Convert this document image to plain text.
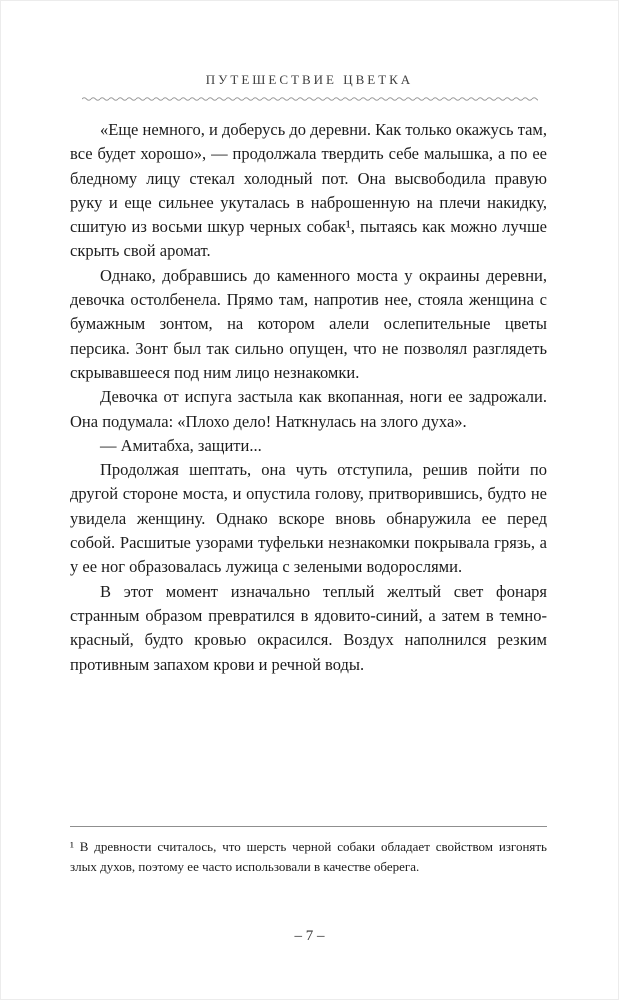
ПУТЕШЕСТВИЕ ЦВЕТКА

«Еще немного, и доберусь до деревни. Как только окажусь там, все будет хорошо», — продолжала твердить себе малышка, а по ее бледному лицу стекал холодный пот. Она высвободила правую руку и еще сильнее укуталась в наброшенную на плечи накидку, сшитую из восьми шкур черных собак¹, пытаясь как можно лучше скрыть свой аромат.

Однако, добравшись до каменного моста у окраины деревни, девочка остолбенела. Прямо там, напротив нее, стояла женщина с бумажным зонтом, на котором алели ослепительные цветы персика. Зонт был так сильно опущен, что не позволял разглядеть скрывавшееся под ним лицо незнакомки.

Девочка от испуга застыла как вкопанная, ноги ее задрожали. Она подумала: «Плохо дело! Наткнулась на злого духа».

— Амитабха, защити...

Продолжая шептать, она чуть отступила, решив пойти по другой стороне моста, и опустила голову, притворившись, будто не увидела женщину. Однако вскоре вновь обнаружила ее перед собой. Расшитые узорами туфельки незнакомки покрывала грязь, а у ее ног образовалась лужица с зелеными водорослями.

В этот момент изначально теплый желтый свет фонаря странным образом превратился в ядовито-синий, а затем в темно-красный, будто кровью окрасился. Воздух наполнился резким противным запахом крови и речной воды.

¹ В древности считалось, что шерсть черной собаки обладает свойством изгонять злых духов, поэтому ее часто использовали в качестве оберега.
– 7 –
